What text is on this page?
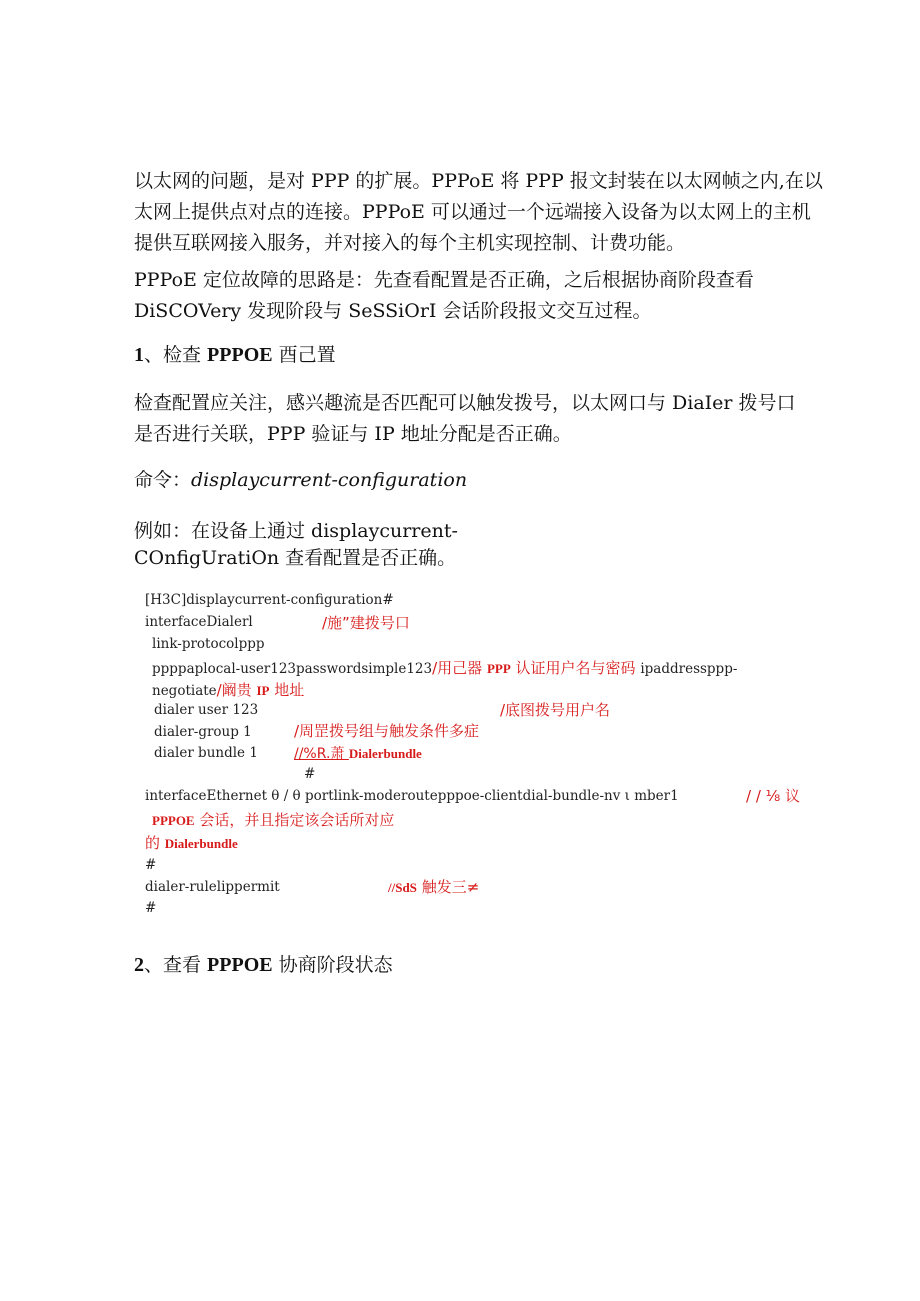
以太网的问题，是对 PPP 的扩展。PPPoE 将 PPP 报文封装在以太网帧之内,在以
太网上提供点对点的连接。PPPoE 可以通过一个远端接入设备为以太网上的主机
提供互联网接入服务，并对接入的每个主机实现控制、计费功能。
PPPoE 定位故障的思路是：先查看配置是否正确，之后根据协商阶段查看
DiSCOVery 发现阶段与 SeSSiOrI 会话阶段报文交互过程。
1、检查 PPPOE 酉己置
检查配置应关注，感兴趣流是否匹配可以触发拨号，以太网口与 DiaIer 拨号口
是否进行关联，PPP 验证与 IP 地址分配是否正确。
命令：displaycurrent-configuration
例如：在设备上通过 displaycurrent-
COnfigUratiOn 查看配置是否正确。
[H3C]displaycurrent-configuration#
interfaceDialerl	/施”建拨号口
link-protocolppp
ppppaplocal-user123passwordsimple123/用己器 PPP 认证用户名与密码 ipaddressppp-
negotiate/阚贵 IP 地址
dialer user 123	/底图拨号用户名
dialer-group 1	/周罡拨号组与触发条件多症
dialer bundle 1	//%R.萧 Dialerbundle
#
interfaceEthernet θ / θ portlink-moderoutepppoe-clientdial-bundle-nv ι mber1	/ / ⅛ 议
PPPOE 会话，并且指定该会话所对应
的 Dialerbundle
#
dialer-rulelippermit	//SdS 触发三≠
#
2、查看 PPPOE 协商阶段状态
